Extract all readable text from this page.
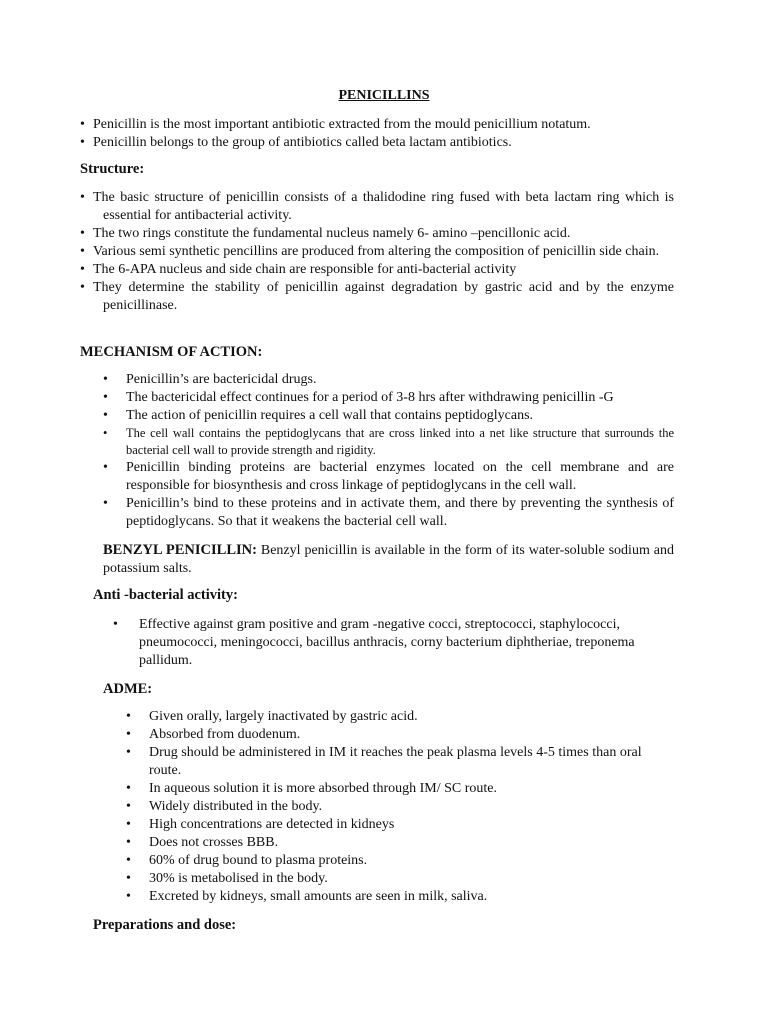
PENICILLINS
• Penicillin is the most important antibiotic extracted from the mould penicillium notatum.
• Penicillin belongs to the group of antibiotics called beta lactam antibiotics.
Structure:
• The basic structure of penicillin consists of a thalidodine ring fused with beta lactam ring which is essential for antibacterial activity.
• The two rings constitute the fundamental nucleus namely 6- amino –pencillonic acid.
• Various semi synthetic pencillins are produced from altering the composition of penicillin side chain.
• The 6-APA nucleus and side chain are responsible for anti-bacterial activity
• They determine the stability of penicillin against degradation by gastric acid and by the enzyme penicillinase.
MECHANISM OF ACTION:
• Penicillin’s are bactericidal drugs.
• The bactericidal effect continues for a period of 3-8 hrs after withdrawing penicillin -G
• The action of penicillin requires a cell wall that contains peptidoglycans.
• The cell wall contains the peptidoglycans that are cross linked into a net like structure that surrounds the bacterial cell wall to provide strength and rigidity.
• Penicillin binding proteins are bacterial enzymes located on the cell membrane and are responsible for biosynthesis and cross linkage of peptidoglycans in the cell wall.
• Penicillin’s bind to these proteins and in activate them, and there by preventing the synthesis of peptidoglycans. So that it weakens the bacterial cell wall.
BENZYL PENICILLIN: Benzyl penicillin is available in the form of its water-soluble sodium and potassium salts.
Anti -bacterial activity:
• Effective against gram positive and gram -negative cocci, streptococci, staphylococci, pneumococci, meningococci, bacillus anthracis, corny bacterium diphtheriae, treponema pallidum.
ADME:
• Given orally, largely inactivated by gastric acid.
• Absorbed from duodenum.
• Drug should be administered in IM it reaches the peak plasma levels 4-5 times than oral route.
• In aqueous solution it is more absorbed through IM/ SC route.
• Widely distributed in the body.
• High concentrations are detected in kidneys
• Does not crosses BBB.
• 60% of drug bound to plasma proteins.
• 30% is metabolised in the body.
• Excreted by kidneys, small amounts are seen in milk, saliva.
Preparations and dose:
